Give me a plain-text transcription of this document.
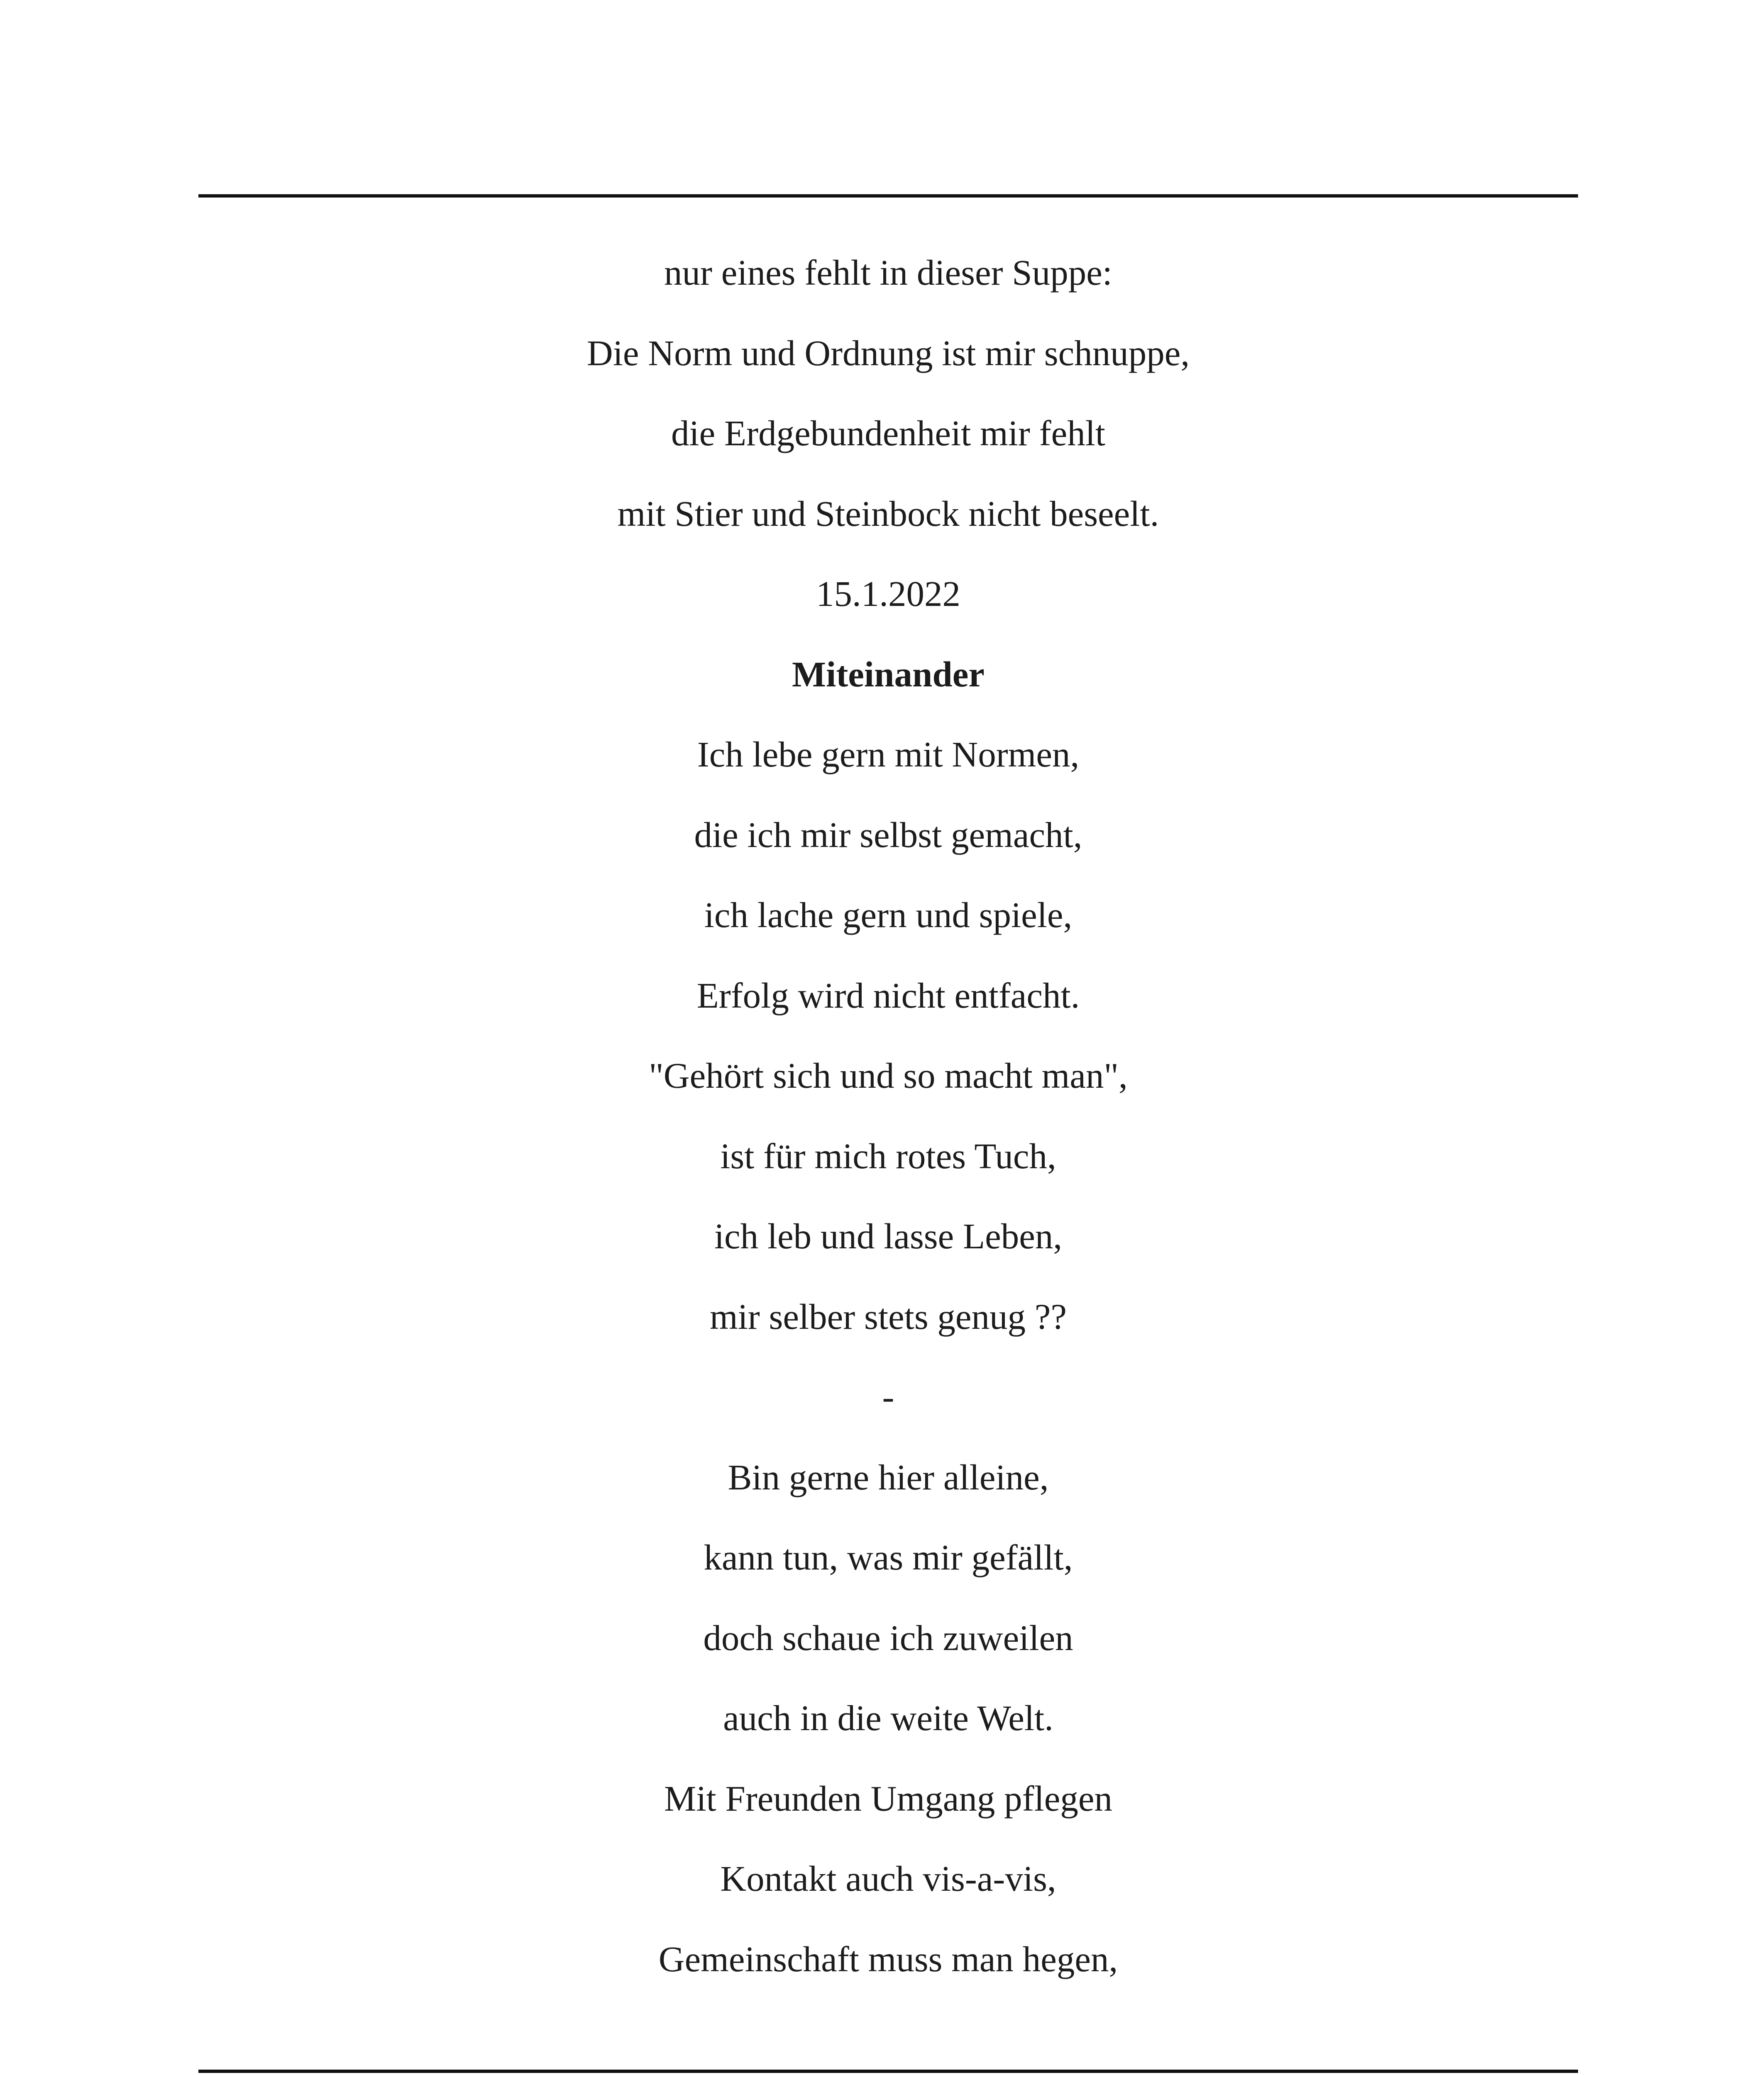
nur eines fehlt in dieser Suppe:
Die Norm und Ordnung ist mir schnuppe,
die Erdgebundenheit mir fehlt
mit Stier und Steinbock nicht beseelt.
15.1.2022
Miteinander
Ich lebe gern mit Normen,
die ich mir selbst gemacht,
ich lache gern und spiele,
Erfolg wird nicht entfacht.
"Gehört sich und so macht man",
ist für mich rotes Tuch,
ich leb und lasse Leben,
mir selber stets genug ??
-
Bin gerne hier alleine,
kann tun, was mir gefällt,
doch schaue ich zuweilen
auch in die weite Welt.
Mit Freunden Umgang pflegen
Kontakt auch vis-a-vis,
Gemeinschaft muss man hegen,
